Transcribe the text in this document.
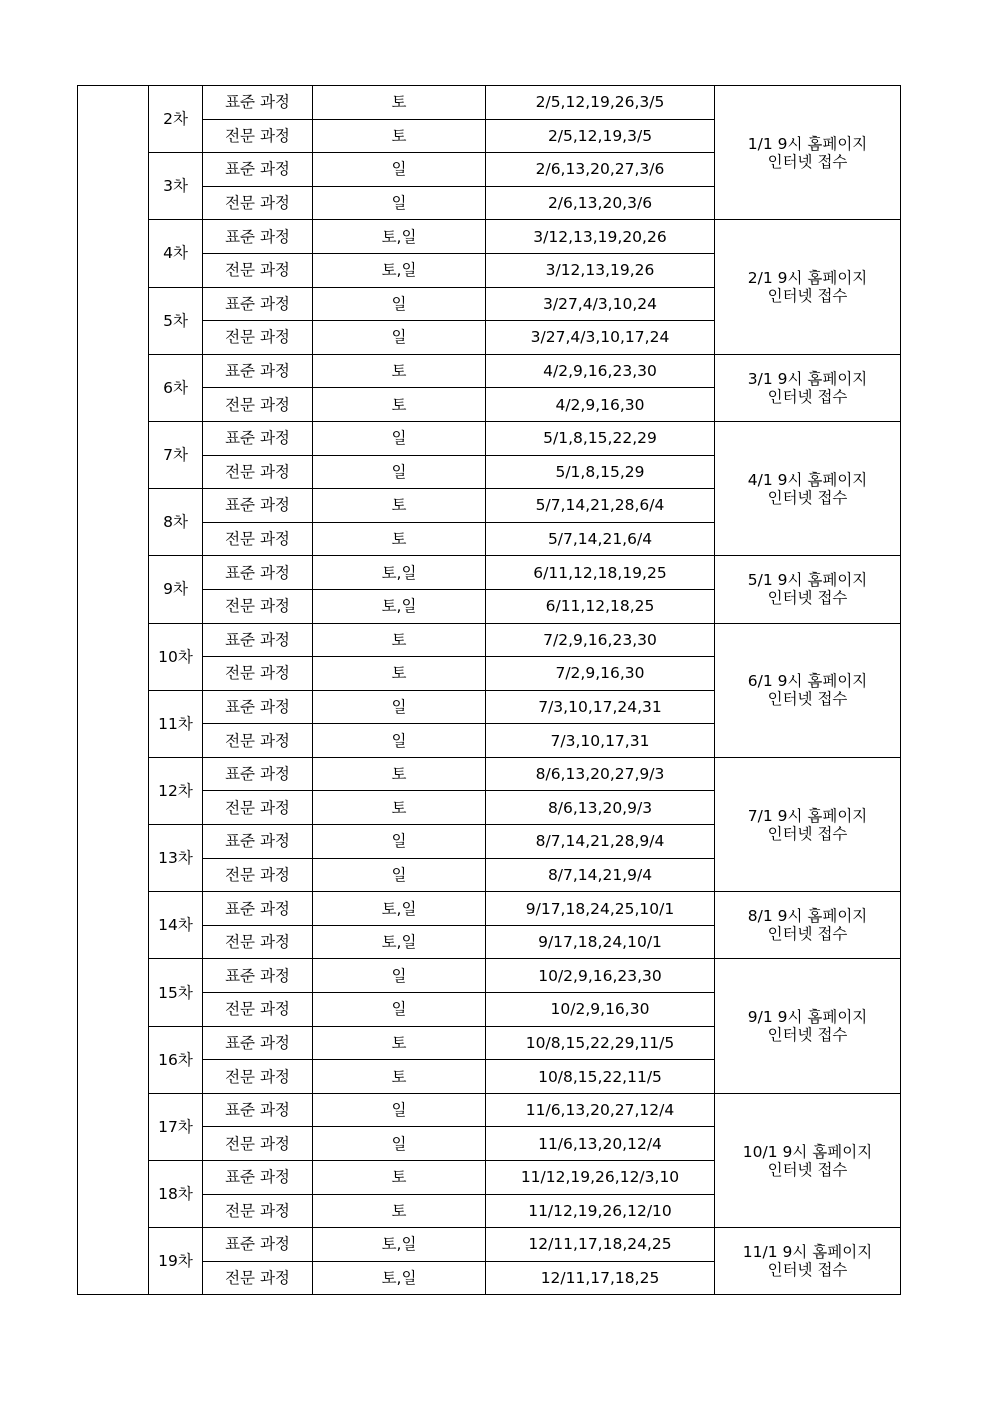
	2차	표준 과정	토	2/5,12,19,26,3/5	1/1 9시 홈페이지
인터넷 접수

		전문 과정	토	2/5,12,19,3/5	
	3차	표준 과정	일	2/6,13,20,27,3/6	
		전문 과정	일	2/6,13,20,3/6	
	4차	표준 과정	토,일	3/12,13,19,20,26	2/1 9시 홈페이지
인터넷 접수

		전문 과정	토,일	3/12,13,19,26	
	5차	표준 과정	일	3/27,4/3,10,24	
		전문 과정	일	3/27,4/3,10,17,24	
	6차	표준 과정	토	4/2,9,16,23,30	3/1 9시 홈페이지
인터넷 접수

		전문 과정	토	4/2,9,16,30	
	7차	표준 과정	일	5/1,8,15,22,29	4/1 9시 홈페이지
인터넷 접수

		전문 과정	일	5/1,8,15,29	
	8차	표준 과정	토	5/7,14,21,28,6/4	
		전문 과정	토	5/7,14,21,6/4	
	9차	표준 과정	토,일	6/11,12,18,19,25	5/1 9시 홈페이지
인터넷 접수

		전문 과정	토,일	6/11,12,18,25	
	10차	표준 과정	토	7/2,9,16,23,30	6/1 9시 홈페이지
인터넷 접수

		전문 과정	토	7/2,9,16,30	
	11차	표준 과정	일	7/3,10,17,24,31	
		전문 과정	일	7/3,10,17,31	
	12차	표준 과정	토	8/6,13,20,27,9/3	7/1 9시 홈페이지
인터넷 접수

		전문 과정	토	8/6,13,20,9/3	
	13차	표준 과정	일	8/7,14,21,28,9/4	
		전문 과정	일	8/7,14,21,9/4	
	14차	표준 과정	토,일	9/17,18,24,25,10/1	8/1 9시 홈페이지
인터넷 접수

		전문 과정	토,일	9/17,18,24,10/1	
	15차	표준 과정	일	10/2,9,16,23,30	9/1 9시 홈페이지
인터넷 접수

		전문 과정	일	10/2,9,16,30	
	16차	표준 과정	토	10/8,15,22,29,11/5	
		전문 과정	토	10/8,15,22,11/5	
	17차	표준 과정	일	11/6,13,20,27,12/4	10/1 9시 홈페이지
인터넷 접수

		전문 과정	일	11/6,13,20,12/4	
	18차	표준 과정	토	11/12,19,26,12/3,10	
		전문 과정	토	11/12,19,26,12/10	
	19차	표준 과정	토,일	12/11,17,18,24,25	11/1 9시 홈페이지
인터넷 접수

		전문 과정	토,일	12/11,17,18,25	
